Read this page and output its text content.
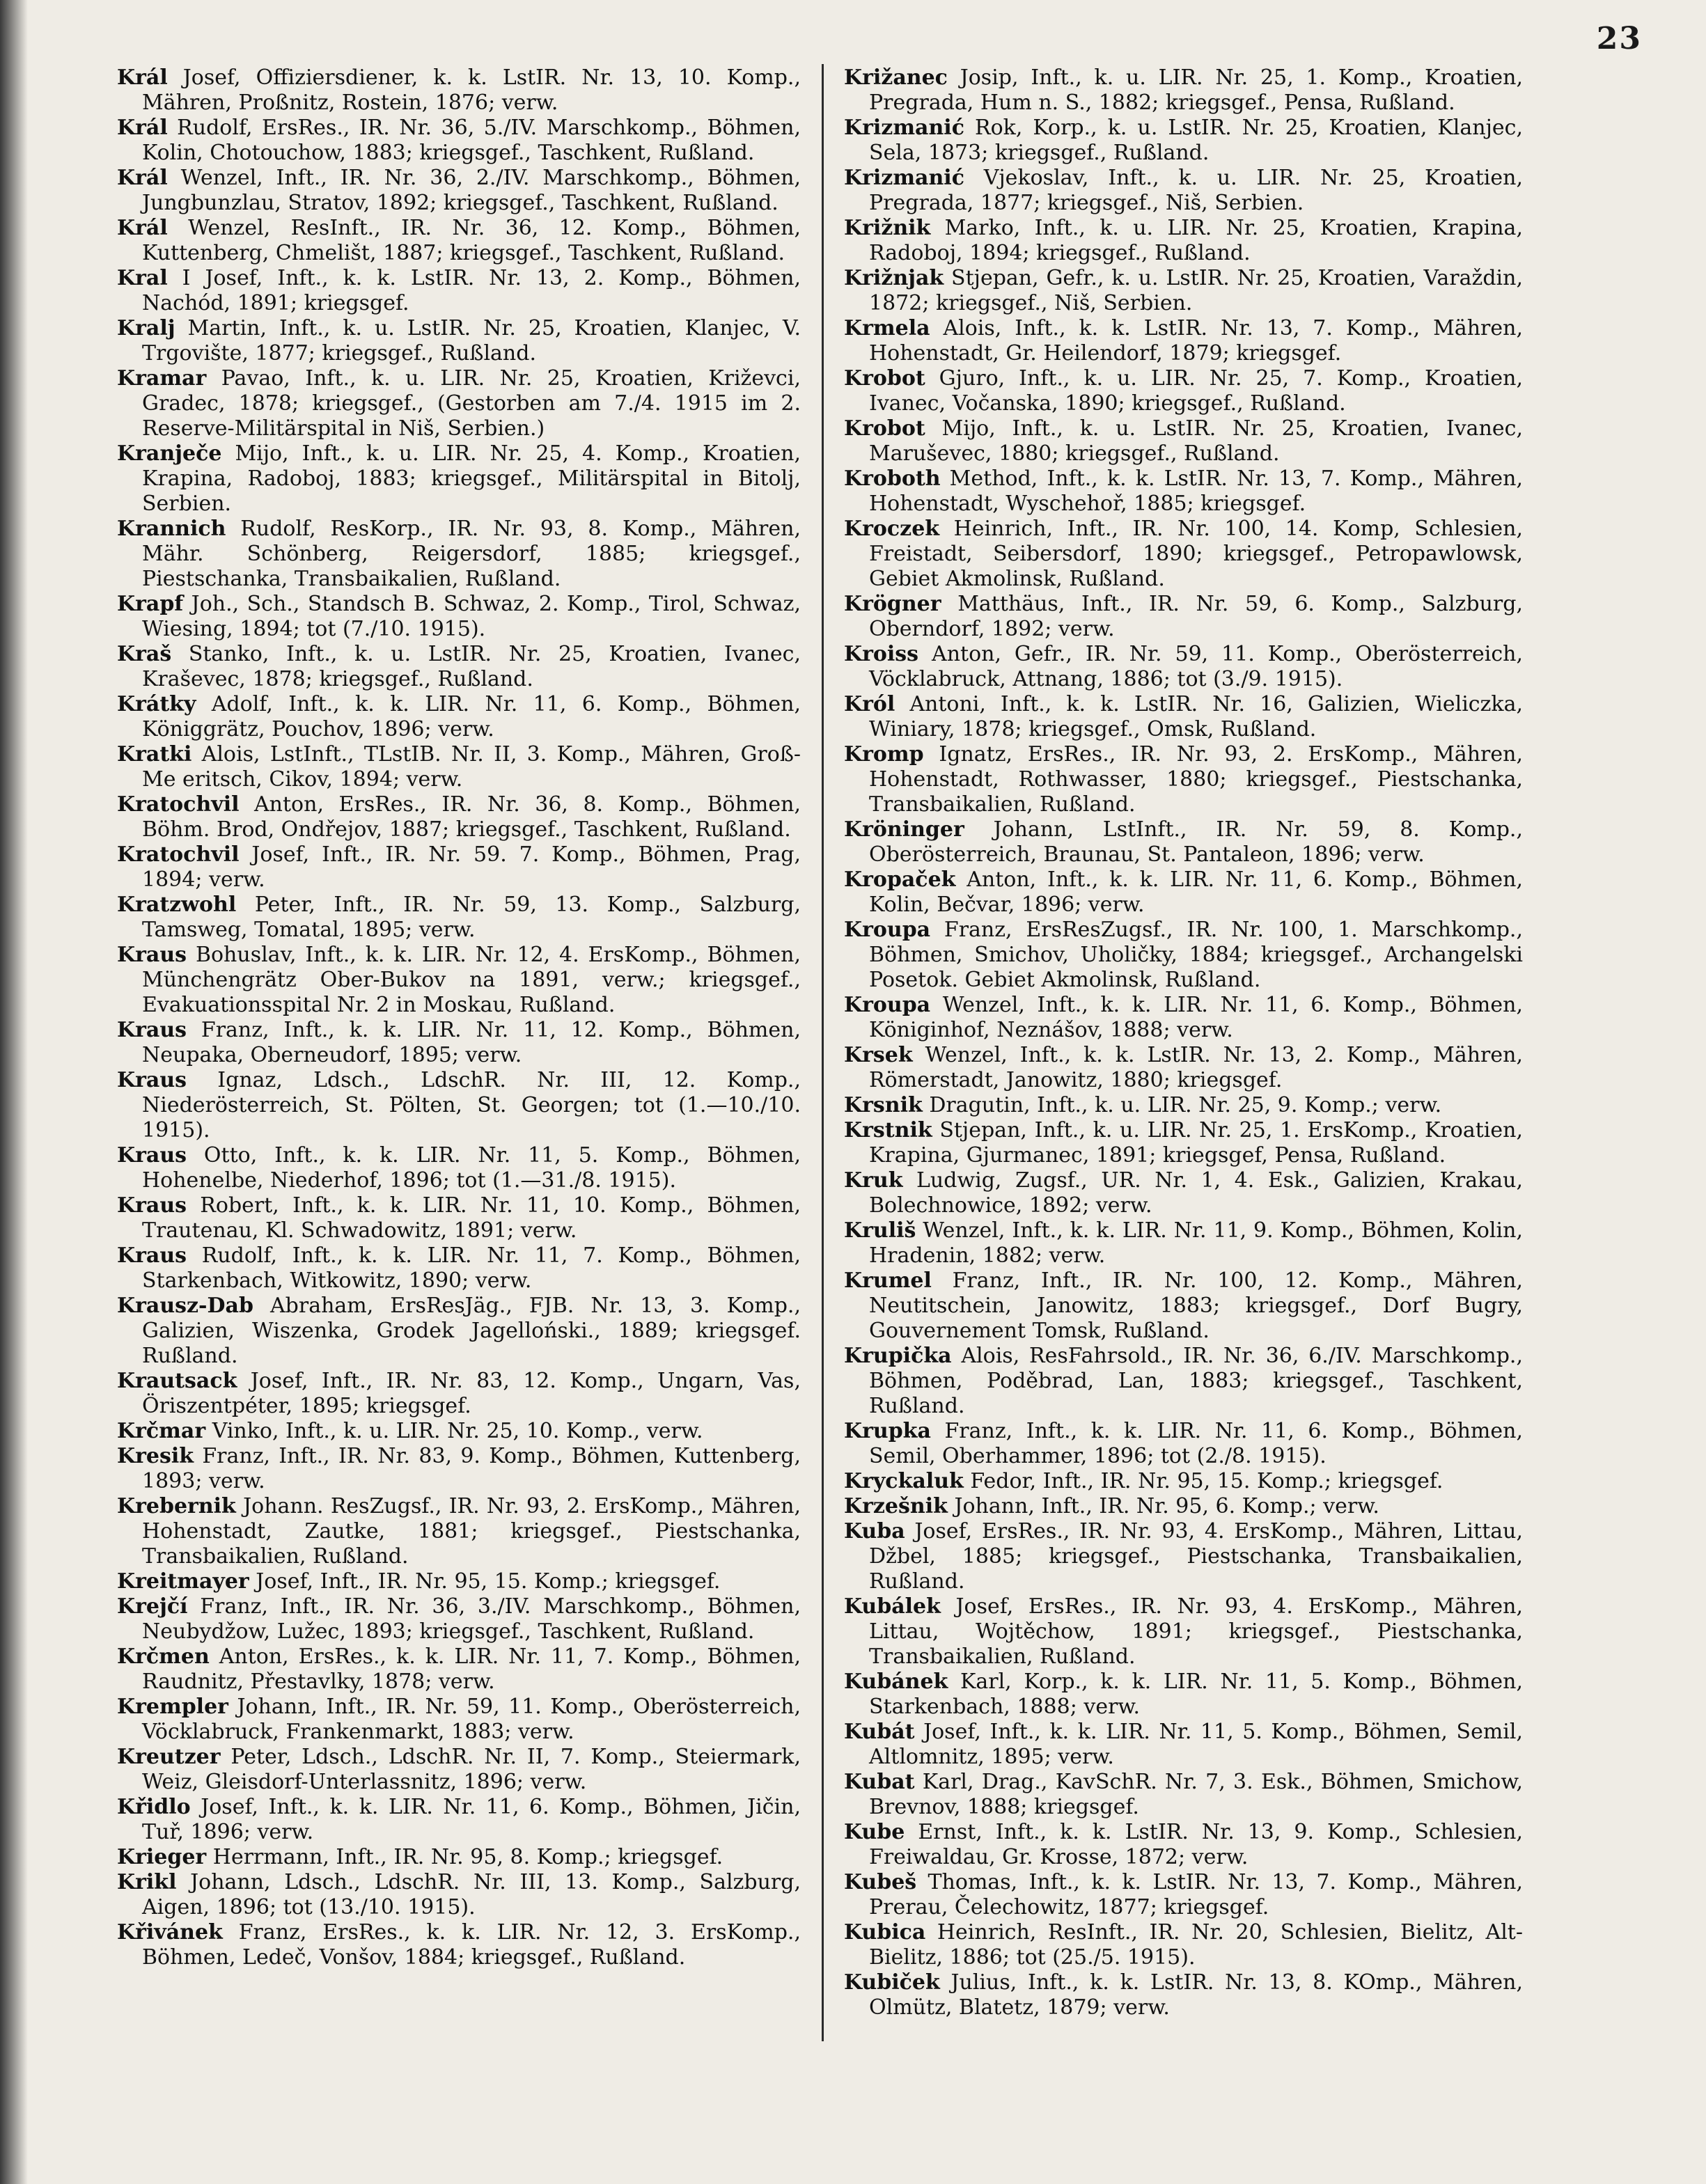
23

Král Josef, Offiziersdiener, k. k. LstIR. Nr. 13, 10. Komp., Mähren, Proßnitz, Rostein, 1876; verw.

Král Rudolf, ErsRes., IR. Nr. 36, 5./IV. Marschkomp., Böhmen, Kolin, Chotouchow, 1883; kriegsgef., Taschkent, Rußland.

Král Wenzel, Inft., IR. Nr. 36, 2./IV. Marschkomp., Böhmen, Jungbunzlau, Stratov, 1892; kriegsgef., Taschkent, Rußland.

Král Wenzel, ResInft., IR. Nr. 36, 12. Komp., Böhmen, Kuttenberg, Chmelišt, 1887; kriegsgef., Taschkent, Rußland.

Kral I Josef, Inft., k. k. LstIR. Nr. 13, 2. Komp., Böhmen, Nachód, 1891; kriegsgef.

Kralj Martin, Inft., k. u. LstIR. Nr. 25, Kroatien, Klanjec, V. Trgovište, 1877; kriegsgef., Rußland.

Kramar Pavao, Inft., k. u. LIR. Nr. 25, Kroatien, Križevci, Gradec, 1878; kriegsgef., (Gestorben am 7./4. 1915 im 2. Reserve-Militärspital in Niš, Serbien.)

Kranječe Mijo, Inft., k. u. LIR. Nr. 25, 4. Komp., Kroatien, Krapina, Radoboj, 1883; kriegsgef., Militärspital in Bitolj, Serbien.

Krannich Rudolf, ResKorp., IR. Nr. 93, 8. Komp., Mähren, Mähr. Schönberg, Reigersdorf, 1885; kriegsgef., Piestschanka, Transbaikalien, Rußland.

Krapf Joh., Sch., Standsch B. Schwaz, 2. Komp., Tirol, Schwaz, Wiesing, 1894; tot (7./10. 1915).

Kraš Stanko, Inft., k. u. LstIR. Nr. 25, Kroatien, Ivanec, Kraševec, 1878; kriegsgef., Rußland.

Krátky Adolf, Inft., k. k. LIR. Nr. 11, 6. Komp., Böhmen, Königgrätz, Pouchov, 1896; verw.

Kratki Alois, LstInft., TLstIB. Nr. II, 3. Komp., Mähren, Groß-Me eritsch, Cikov, 1894; verw.

Kratochvil Anton, ErsRes., IR. Nr. 36, 8. Komp., Böhmen, Böhm. Brod, Ondřejov, 1887; kriegsgef., Taschkent, Rußland.

Kratochvil Josef, Inft., IR. Nr. 59. 7. Komp., Böhmen, Prag, 1894; verw.

Kratzwohl Peter, Inft., IR. Nr. 59, 13. Komp., Salzburg, Tamsweg, Tomatal, 1895; verw.

Kraus Bohuslav, Inft., k. k. LIR. Nr. 12, 4. ErsKomp., Böhmen, Münchengrätz Ober-Bukov na 1891, verw.; kriegsgef., Evakuationsspital Nr. 2 in Moskau, Rußland.

Kraus Franz, Inft., k. k. LIR. Nr. 11, 12. Komp., Böhmen, Neupaka, Oberneudorf, 1895; verw.

Kraus Ignaz, Ldsch., LdschR. Nr. III, 12. Komp., Niederösterreich, St. Pölten, St. Georgen; tot (1.—10./10. 1915).

Kraus Otto, Inft., k. k. LIR. Nr. 11, 5. Komp., Böhmen, Hohenelbe, Niederhof, 1896; tot (1.—31./8. 1915).

Kraus Robert, Inft., k. k. LIR. Nr. 11, 10. Komp., Böhmen, Trautenau, Kl. Schwadowitz, 1891; verw.

Kraus Rudolf, Inft., k. k. LIR. Nr. 11, 7. Komp., Böhmen, Starkenbach, Witkowitz, 1890; verw.

Krausz-Dab Abraham, ErsResJäg., FJB. Nr. 13, 3. Komp., Galizien, Wiszenka, Grodek Jagelloński., 1889; kriegsgef. Rußland.

Krautsack Josef, Inft., IR. Nr. 83, 12. Komp., Ungarn, Vas, Öriszentpéter, 1895; kriegsgef.

Krčmar Vinko, Inft., k. u. LIR. Nr. 25, 10. Komp., verw.

Kresik Franz, Inft., IR. Nr. 83, 9. Komp., Böhmen, Kuttenberg, 1893; verw.

Krebernik Johann. ResZugsf., IR. Nr. 93, 2. ErsKomp., Mähren, Hohenstadt, Zautke, 1881; kriegsgef., Piestschanka, Transbaikalien, Rußland.

Kreitmayer Josef, Inft., IR. Nr. 95, 15. Komp.; kriegsgef.

Krejčí Franz, Inft., IR. Nr. 36, 3./IV. Marschkomp., Böhmen, Neubydžow, Lužec, 1893; kriegsgef., Taschkent, Rußland.

Krčmen Anton, ErsRes., k. k. LIR. Nr. 11, 7. Komp., Böhmen, Raudnitz, Přestavlky, 1878; verw.

Krempler Johann, Inft., IR. Nr. 59, 11. Komp., Oberösterreich, Vöcklabruck, Frankenmarkt, 1883; verw.

Kreutzer Peter, Ldsch., LdschR. Nr. II, 7. Komp., Steiermark, Weiz, Gleisdorf-Unterlassnitz, 1896; verw.

Křidlo Josef, Inft., k. k. LIR. Nr. 11, 6. Komp., Böhmen, Jičin, Tuř, 1896; verw.

Krieger Herrmann, Inft., IR. Nr. 95, 8. Komp.; kriegsgef.

Krikl Johann, Ldsch., LdschR. Nr. III, 13. Komp., Salzburg, Aigen, 1896; tot (13./10. 1915).

Křivánek Franz, ErsRes., k. k. LIR. Nr. 12, 3. ErsKomp., Böhmen, Ledeč, Vonšov, 1884; kriegsgef., Rußland.

Križanec Josip, Inft., k. u. LIR. Nr. 25, 1. Komp., Kroatien, Pregrada, Hum n. S., 1882; kriegsgef., Pensa, Rußland.

Krizmanić Rok, Korp., k. u. LstIR. Nr. 25, Kroatien, Klanjec, Sela, 1873; kriegsgef., Rußland.

Krizmanić Vjekoslav, Inft., k. u. LIR. Nr. 25, Kroatien, Pregrada, 1877; kriegsgef., Niš, Serbien.

Križnik Marko, Inft., k. u. LIR. Nr. 25, Kroatien, Krapina, Radoboj, 1894; kriegsgef., Rußland.

Križnjak Stjepan, Gefr., k. u. LstIR. Nr. 25, Kroatien, Varaždin, 1872; kriegsgef., Niš, Serbien.

Krmela Alois, Inft., k. k. LstIR. Nr. 13, 7. Komp., Mähren, Hohenstadt, Gr. Heilendorf, 1879; kriegsgef.

Krobot Gjuro, Inft., k. u. LIR. Nr. 25, 7. Komp., Kroatien, Ivanec, Vočanska, 1890; kriegsgef., Rußland.

Krobot Mijo, Inft., k. u. LstIR. Nr. 25, Kroatien, Ivanec, Maruševec, 1880; kriegsgef., Rußland.

Kroboth Method, Inft., k. k. LstIR. Nr. 13, 7. Komp., Mähren, Hohenstadt, Wyschehoř, 1885; kriegsgef.

Kroczek Heinrich, Inft., IR. Nr. 100, 14. Komp, Schlesien, Freistadt, Seibersdorf, 1890; kriegsgef., Petropawlowsk, Gebiet Akmolinsk, Rußland.

Krögner Matthäus, Inft., IR. Nr. 59, 6. Komp., Salzburg, Oberndorf, 1892; verw.

Kroiss Anton, Gefr., IR. Nr. 59, 11. Komp., Oberösterreich, Vöcklabruck, Attnang, 1886; tot (3./9. 1915).

Król Antoni, Inft., k. k. LstIR. Nr. 16, Galizien, Wieliczka, Winiary, 1878; kriegsgef., Omsk, Rußland.

Kromp Ignatz, ErsRes., IR. Nr. 93, 2. ErsKomp., Mähren, Hohenstadt, Rothwasser, 1880; kriegsgef., Piestschanka, Transbaikalien, Rußland.

Kröninger Johann, LstInft., IR. Nr. 59, 8. Komp., Oberösterreich, Braunau, St. Pantaleon, 1896; verw.

Kropaček Anton, Inft., k. k. LIR. Nr. 11, 6. Komp., Böhmen, Kolin, Bečvar, 1896; verw.

Kroupa Franz, ErsResZugsf., IR. Nr. 100, 1. Marschkomp., Böhmen, Smichov, Uholičky, 1884; kriegsgef., Archangelski Posetok. Gebiet Akmolinsk, Rußland.

Kroupa Wenzel, Inft., k. k. LIR. Nr. 11, 6. Komp., Böhmen, Königinhof, Neznášov, 1888; verw.

Krsek Wenzel, Inft., k. k. LstIR. Nr. 13, 2. Komp., Mähren, Römerstadt, Janowitz, 1880; kriegsgef.

Krsnik Dragutin, Inft., k. u. LIR. Nr. 25, 9. Komp.; verw.

Krstnik Stjepan, Inft., k. u. LIR. Nr. 25, 1. ErsKomp., Kroatien, Krapina, Gjurmanec, 1891; kriegsgef, Pensa, Rußland.

Kruk Ludwig, Zugsf., UR. Nr. 1, 4. Esk., Galizien, Krakau, Bolechnowice, 1892; verw.

Kruliš Wenzel, Inft., k. k. LIR. Nr. 11, 9. Komp., Böhmen, Kolin, Hradenin, 1882; verw.

Krumel Franz, Inft., IR. Nr. 100, 12. Komp., Mähren, Neutitschein, Janowitz, 1883; kriegsgef., Dorf Bugry, Gouvernement Tomsk, Rußland.

Krupička Alois, ResFahrsold., IR. Nr. 36, 6./IV. Marschkomp., Böhmen, Poděbrad, Lan, 1883; kriegsgef., Taschkent, Rußland.

Krupka Franz, Inft., k. k. LIR. Nr. 11, 6. Komp., Böhmen, Semil, Oberhammer, 1896; tot (2./8. 1915).

Kryckaluk Fedor, Inft., IR. Nr. 95, 15. Komp.; kriegsgef.

Krzešnik Johann, Inft., IR. Nr. 95, 6. Komp.; verw.

Kuba Josef, ErsRes., IR. Nr. 93, 4. ErsKomp., Mähren, Littau, Džbel, 1885; kriegsgef., Piestschanka, Transbaikalien, Rußland.

Kubálek Josef, ErsRes., IR. Nr. 93, 4. ErsKomp., Mähren, Littau, Wojtěchow, 1891; kriegsgef., Piestschanka, Transbaikalien, Rußland.

Kubánek Karl, Korp., k. k. LIR. Nr. 11, 5. Komp., Böhmen, Starkenbach, 1888; verw.

Kubát Josef, Inft., k. k. LIR. Nr. 11, 5. Komp., Böhmen, Semil, Altlomnitz, 1895; verw.

Kubat Karl, Drag., KavSchR. Nr. 7, 3. Esk., Böhmen, Smichow, Brevnov, 1888; kriegsgef.

Kube Ernst, Inft., k. k. LstIR. Nr. 13, 9. Komp., Schlesien, Freiwaldau, Gr. Krosse, 1872; verw.

Kubeš Thomas, Inft., k. k. LstIR. Nr. 13, 7. Komp., Mähren, Prerau, Čelechowitz, 1877; kriegsgef.

Kubica Heinrich, ResInft., IR. Nr. 20, Schlesien, Bielitz, Alt-Bielitz, 1886; tot (25./5. 1915).

Kubiček Julius, Inft., k. k. LstIR. Nr. 13, 8. KOmp., Mähren, Olmütz, Blatetz, 1879; verw.
